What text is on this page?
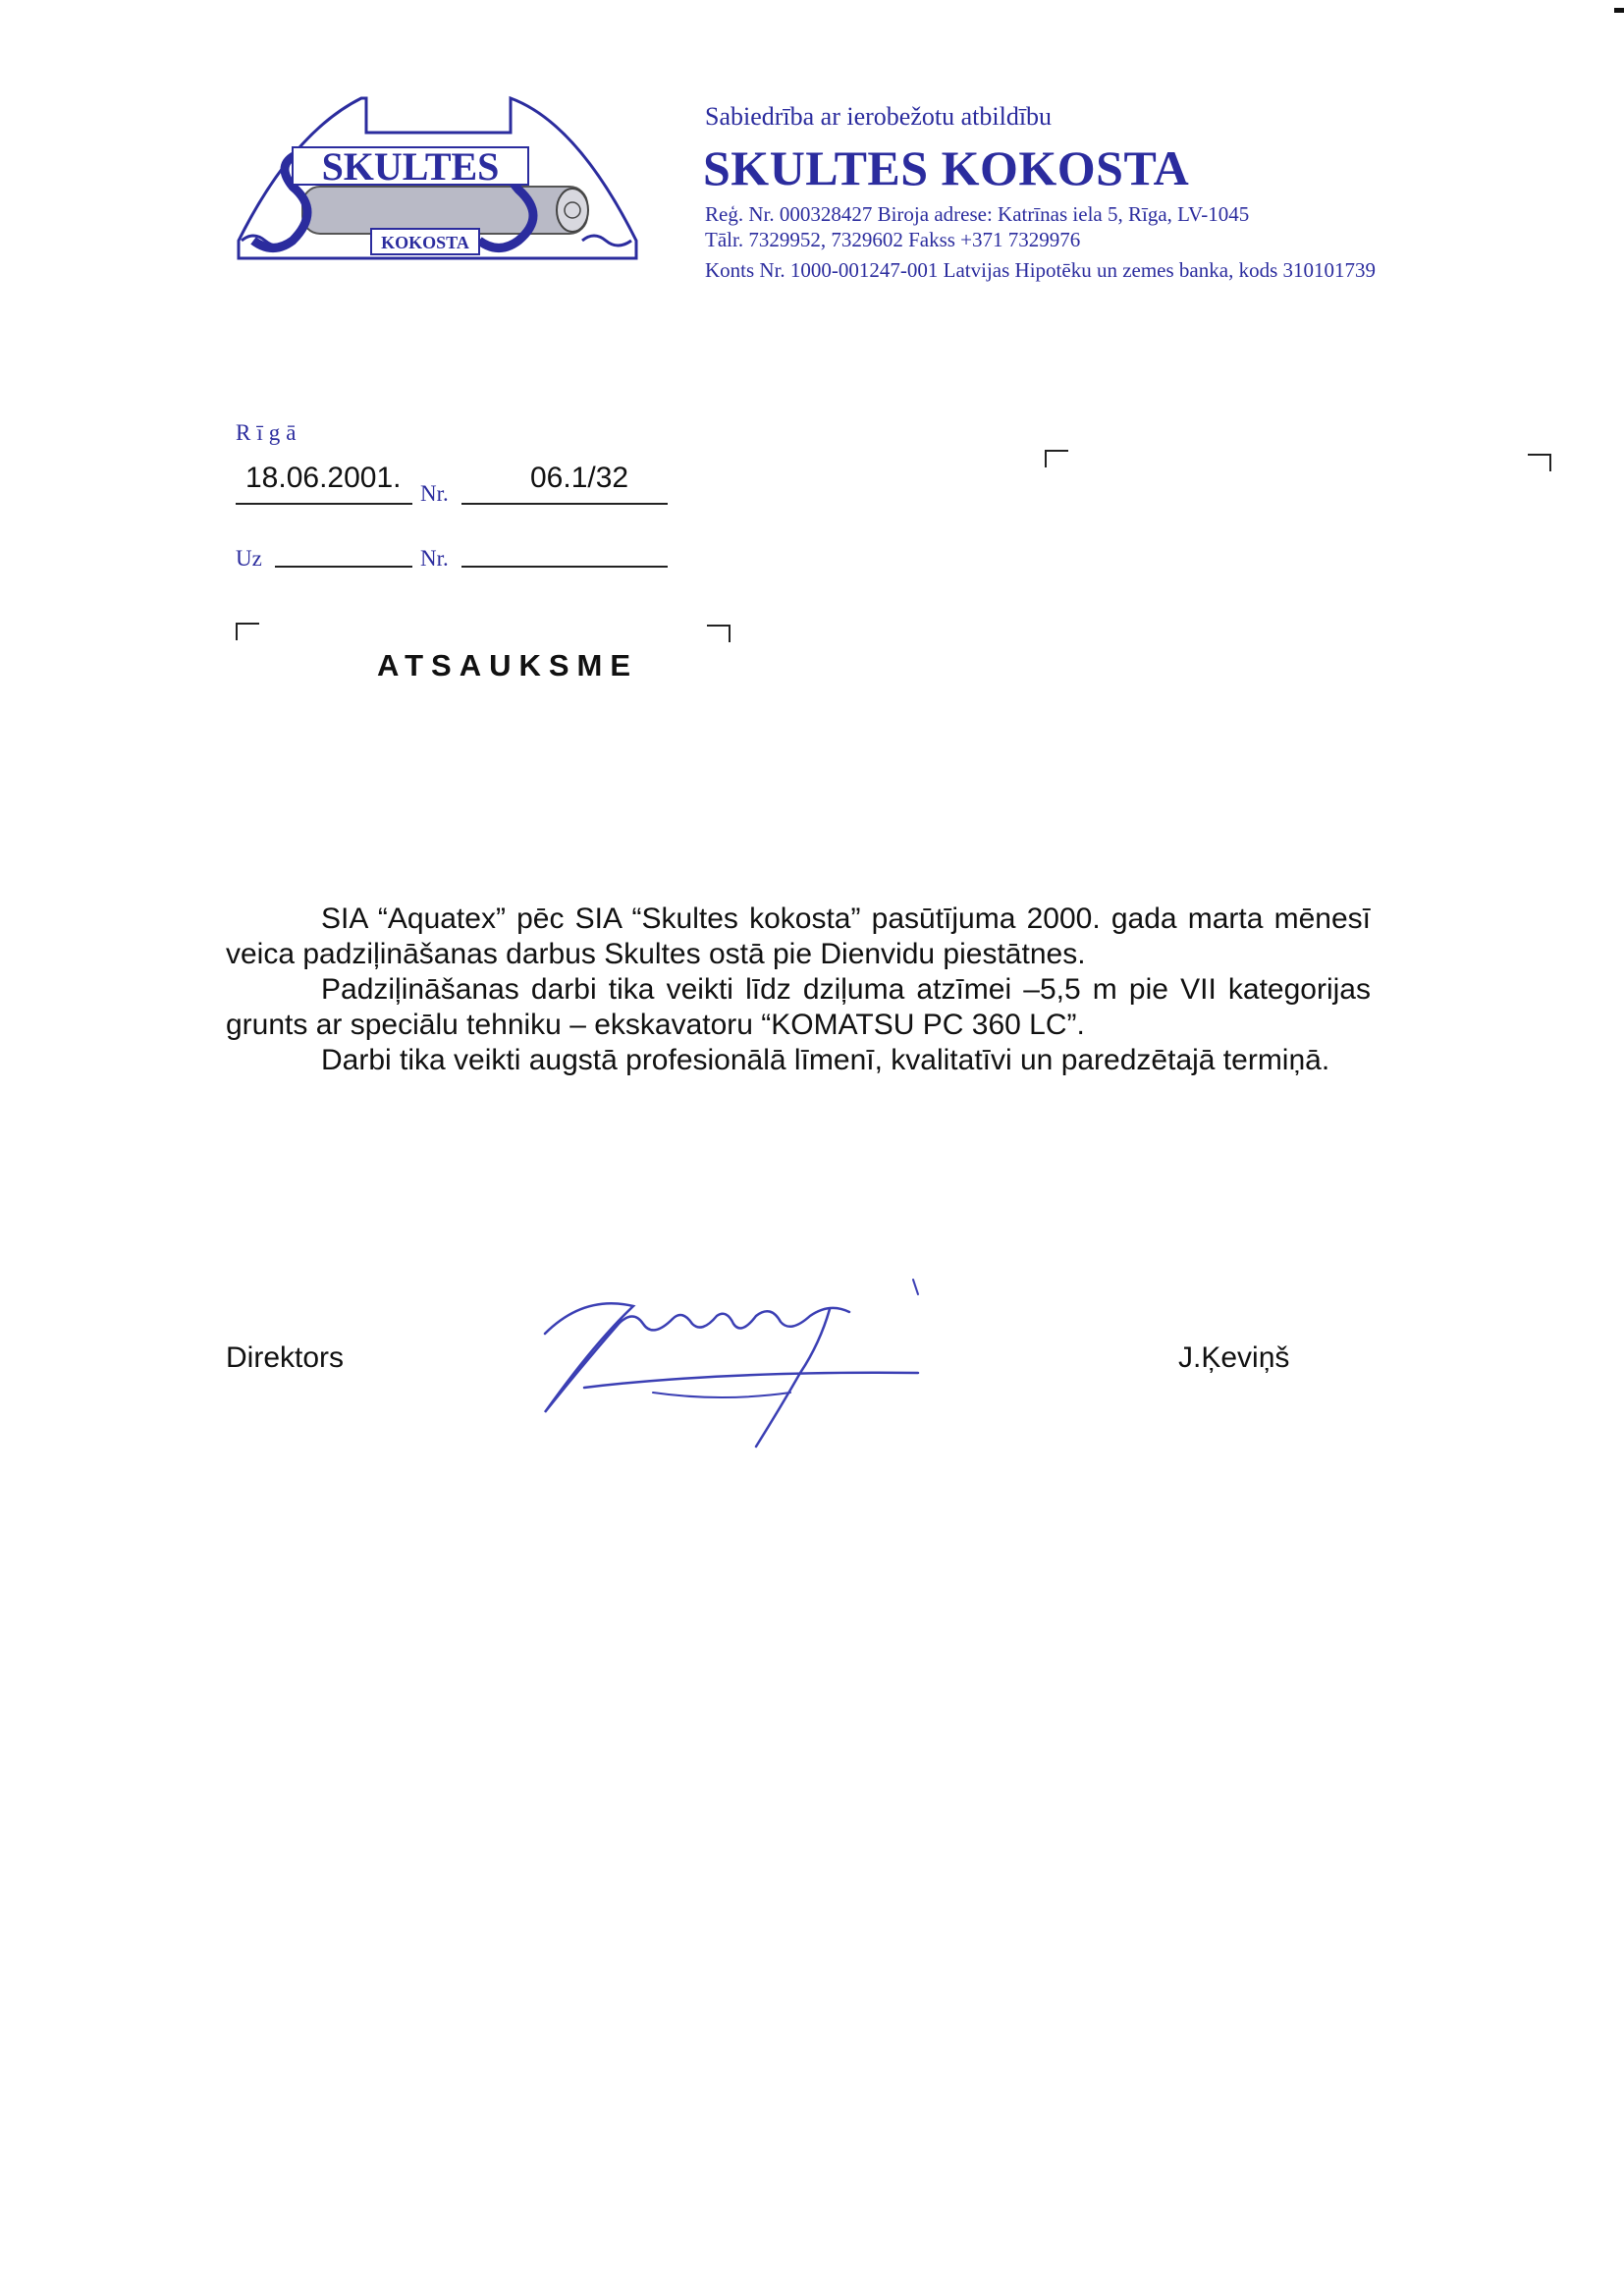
SKULTES
KOKOSTA
Sabiedrība ar ierobežotu atbildību
SKULTES KOKOSTA
Reģ. Nr. 000328427 Biroja adrese: Katrīnas iela 5, Rīga, LV-1045
Tālr. 7329952, 7329602 Fakss +371 7329976
Konts Nr. 1000-001247-001 Latvijas Hipotēku un zemes banka, kods 310101739
Rīgā
18.06.2001. Nr.	06.1/32
Uz	Nr.
ATSAUKSME

SIA “Aquatex” pēc SIA “Skultes kokosta” pasūtījuma 2000. gada marta mēnesī veica padziļināšanas darbus Skultes ostā pie Dienvidu piestātnes.

Padziļināšanas darbi tika veikti līdz dziļuma atzīmei –5,5 m pie VII kategorijas grunts ar speciālu tehniku – ekskavatoru “KOMATSU PC 360 LC”.

Darbi tika veikti augstā profesionālā līmenī, kvalitatīvi un paredzētajā termiņā.

Direktors	J.Ķeviņš
